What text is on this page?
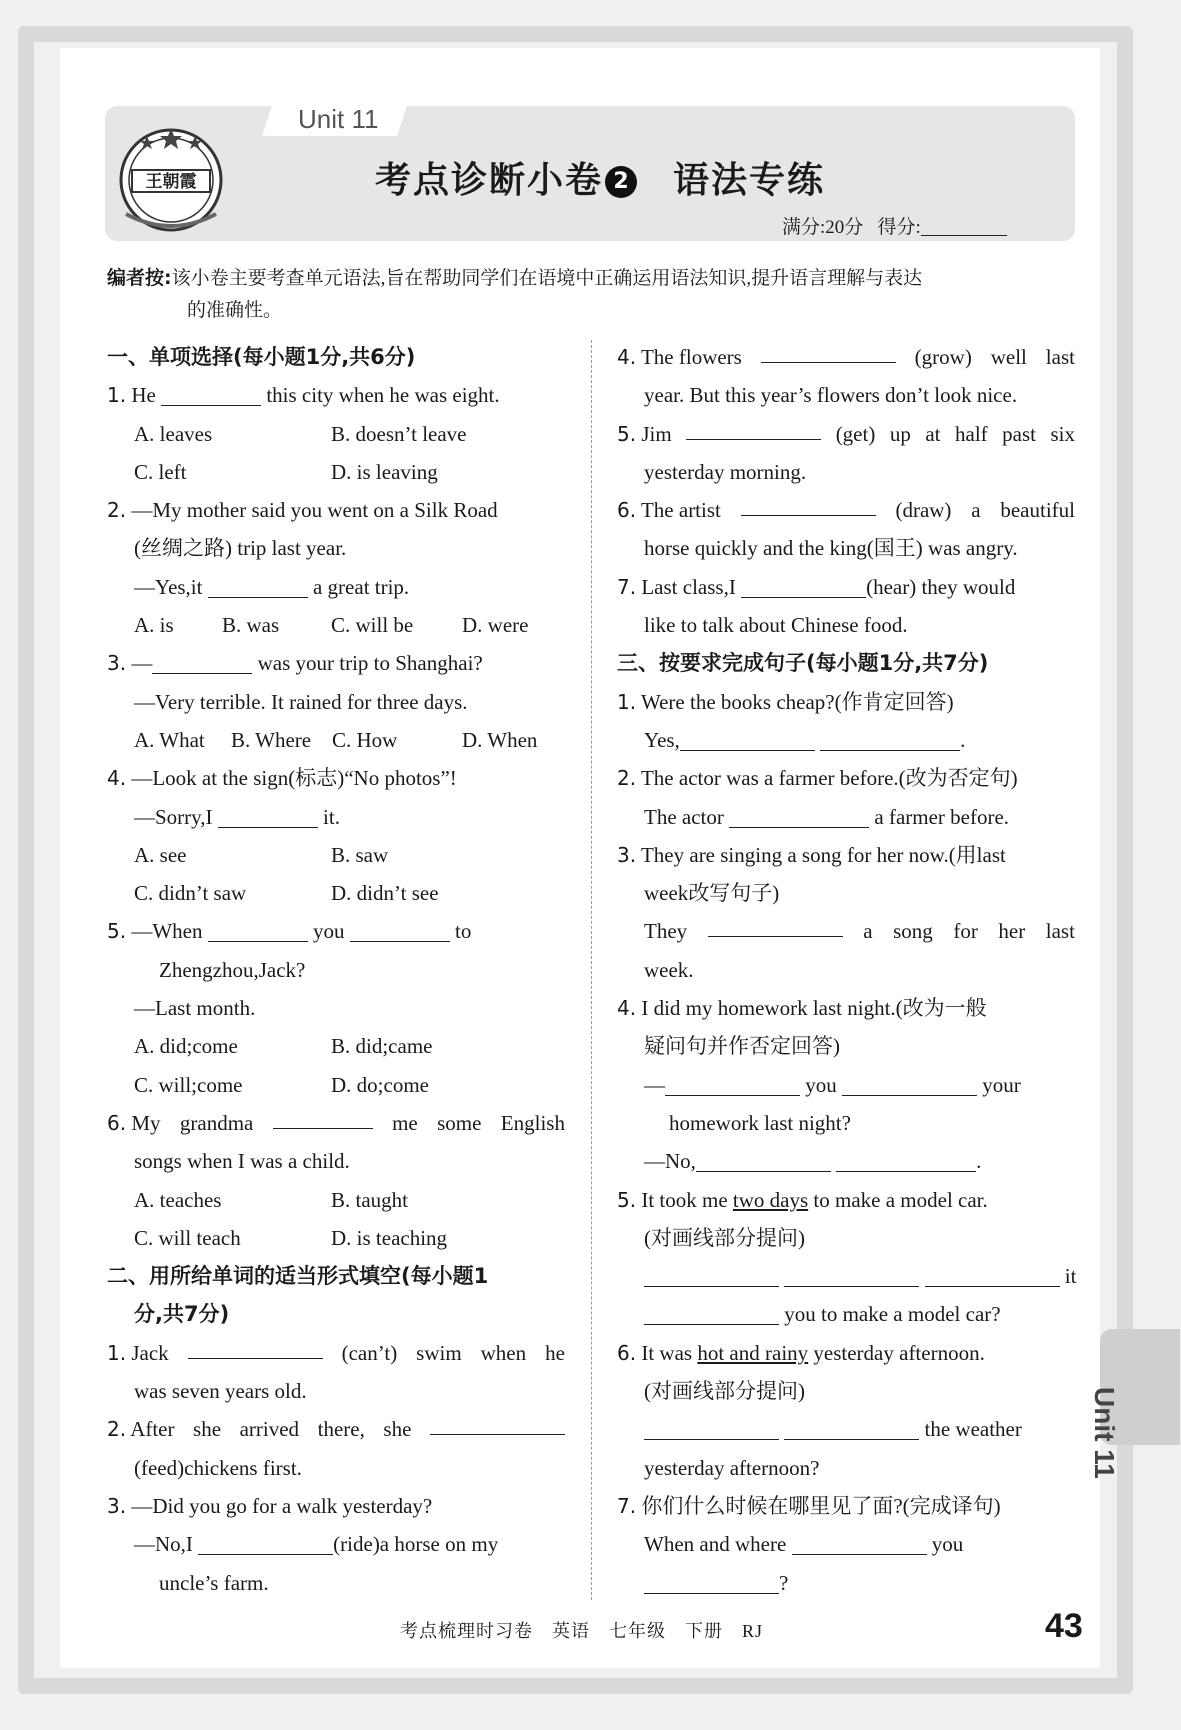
Unit 11
王朝霞	考点诊断小卷 2 语法专练
满分:20分 得分:
编者按:该小卷主要考查单元语法,旨在帮助同学们在语境中正确运用语法知识,提升语言理解与表达
的准确性。
一、单项选择(每小题1分,共6分)
1. He	this city when he was eight.
A. leaves	B. doesn’t leave
C. left	D. is leaving
2. —My mother said you went on a Silk Road
(丝绸之路) trip last year.
—Yes,it	a great trip.
A. is B. was C. will be D. were
3. —	was your trip to Shanghai?
—Very terrible. It rained for three days.
A. What B. Where C. How	D. When
4. —Look at the sign(标志)“No photos”!
—Sorry,I	it.
A. see	B. saw
C. didn’t saw	D. didn’t see
5. —When	you	to
Zhengzhou,Jack?
—Last month.
A. did;come	B. did;came
C. will;come	D. do;come
6. My grandma	me some English
songs when I was a child.
A. teaches	B. taught
C. will teach	D. is teaching
二、用所给单词的适当形式填空(每小题1
分,共7分)
1. Jack	(can’t) swim when he
was seven years old.
2. After she arrived there, she
(feed)chickens first.
3. —Did you go for a walk yesterday?
—No,I	(ride)a horse on my
uncle’s farm.
4. The flowers	(grow) well last
year. But this year’s flowers don’t look nice.
5. Jim	(get) up at half past six
yesterday morning.
6. The artist	(draw) a beautiful
horse quickly and the king(国王) was angry.
7. Last class,I	(hear) they would
like to talk about Chinese food.
三、按要求完成句子(每小题1分,共7分)
1. Were the books cheap?(作肯定回答)
Yes,	.
2. The actor was a farmer before.(改为否定句)
The actor	a farmer before.
3. They are singing a song for her now.(用last
week改写句子)
They	a song for her last
week.
4. I did my homework last night.(改为一般
疑问句并作否定回答)
—	you	your
homework last night?
—No,	.
5. It took me two days to make a model car.
(对画线部分提问)
it
you to make a model car?
6. It was hot and rainy yesterday afternoon.
(对画线部分提问)
the weather
yesterday afternoon?
7. 你们什么时候在哪里见了面?(完成译句)
When and where	you
?
Unit 11
考点梳理时习卷　英语　七年级　下册　RJ	43
